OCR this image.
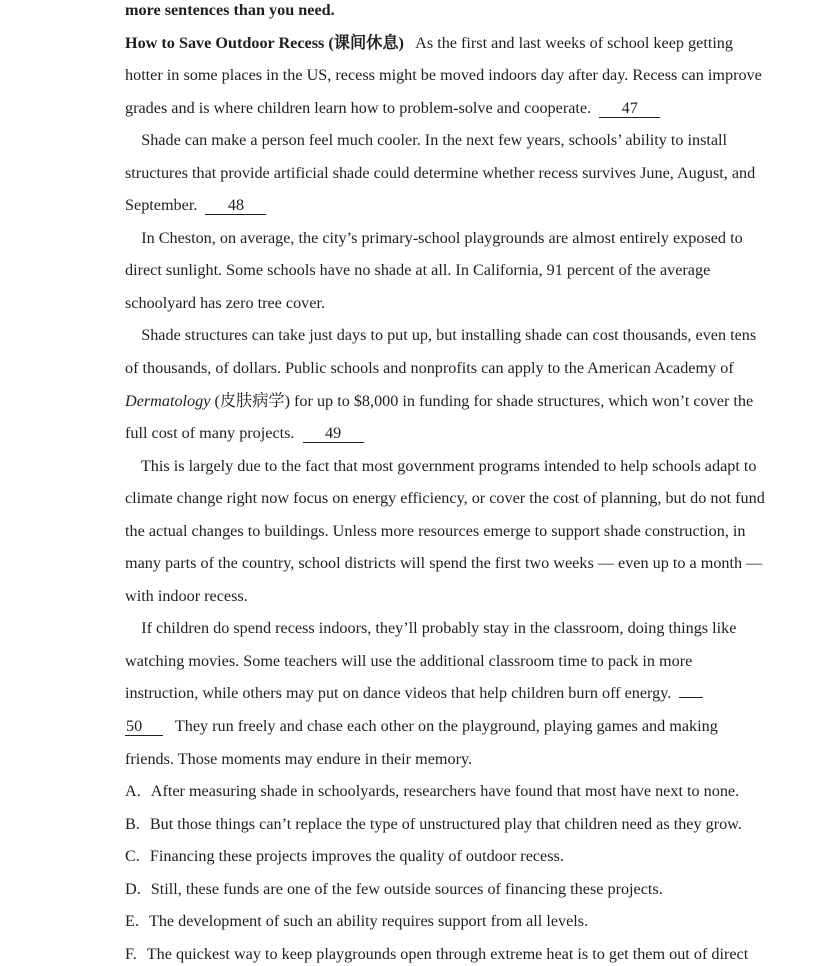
more sentences than you need.
How to Save Outdoor Recess (课间休息)   As the first and last weeks of school keep getting
hotter in some places in the US, recess might be moved indoors day after day. Recess can improve
grades and is where children learn how to problem-solve and cooperate.  47
Shade can make a person feel much cooler. In the next few years, schools’ ability to install
structures that provide artificial shade could determine whether recess survives June, August, and
September.  48
In Cheston, on average, the city’s primary-school playgrounds are almost entirely exposed to
direct sunlight. Some schools have no shade at all. In California, 91 percent of the average
schoolyard has zero tree cover.
Shade structures can take just days to put up, but installing shade can cost thousands, even tens
of thousands, of dollars. Public schools and nonprofits can apply to the American Academy of
Dermatology (皮肤病学) for up to $8,000 in funding for shade structures, which won’t cover the
full cost of many projects.  49
This is largely due to the fact that most government programs intended to help schools adapt to
climate change right now focus on energy efficiency, or cover the cost of planning, but do not fund
the actual changes to buildings. Unless more resources emerge to support shade construction, in
many parts of the country, school districts will spend the first two weeks — even up to a month —
with indoor recess.
If children do spend recess indoors, they’ll probably stay in the classroom, doing things like
watching movies. Some teachers will use the additional classroom time to pack in more
instruction, while others may put on dance videos that help children burn off energy.
50   They run freely and chase each other on the playground, playing games and making
friends. Those moments may endure in their memory.
A. After measuring shade in schoolyards, researchers have found that most have next to none.
B. But those things can’t replace the type of unstructured play that children need as they grow.
C. Financing these projects improves the quality of outdoor recess.
D. Still, these funds are one of the few outside sources of financing these projects.
E. The development of such an ability requires support from all levels.
F. The quickest way to keep playgrounds open through extreme heat is to get them out of direct
